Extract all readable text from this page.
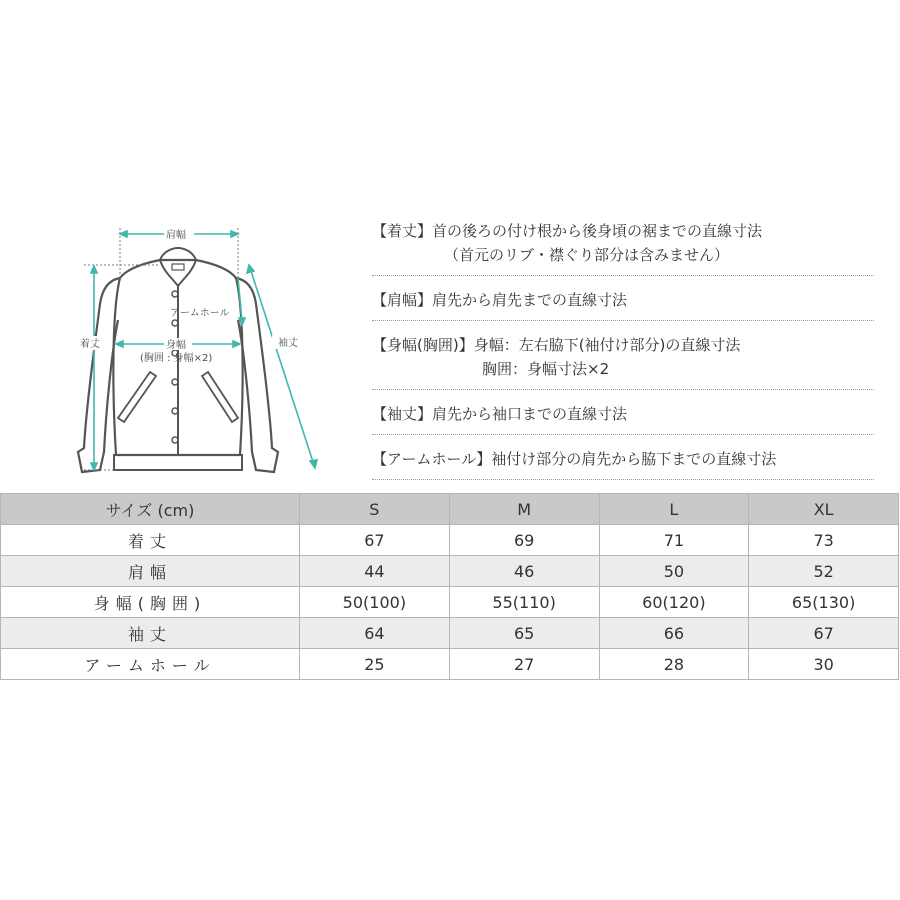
肩幅
着丈	袖丈
アームホール
身幅
(胸囲 : 身幅×2)
【着丈】首の後ろの付け根から後身頃の裾までの直線寸法
（首元のリブ・襟ぐり部分は含みません）
【肩幅】肩先から肩先までの直線寸法
【身幅(胸囲)】身幅：左右脇下(袖付け部分)の直線寸法
胸囲：身幅寸法×2
【袖丈】肩先から袖口までの直線寸法
【アームホール】袖付け部分の肩先から脇下までの直線寸法
サイズ (cm)	S	M	L	XL
着丈	67	69	71	73
肩幅	44	46	50	52
身幅(胸囲)	50(100)	55(110)	60(120)	65(130)
袖丈	64	65	66	67
アームホール	25	27	28	30
